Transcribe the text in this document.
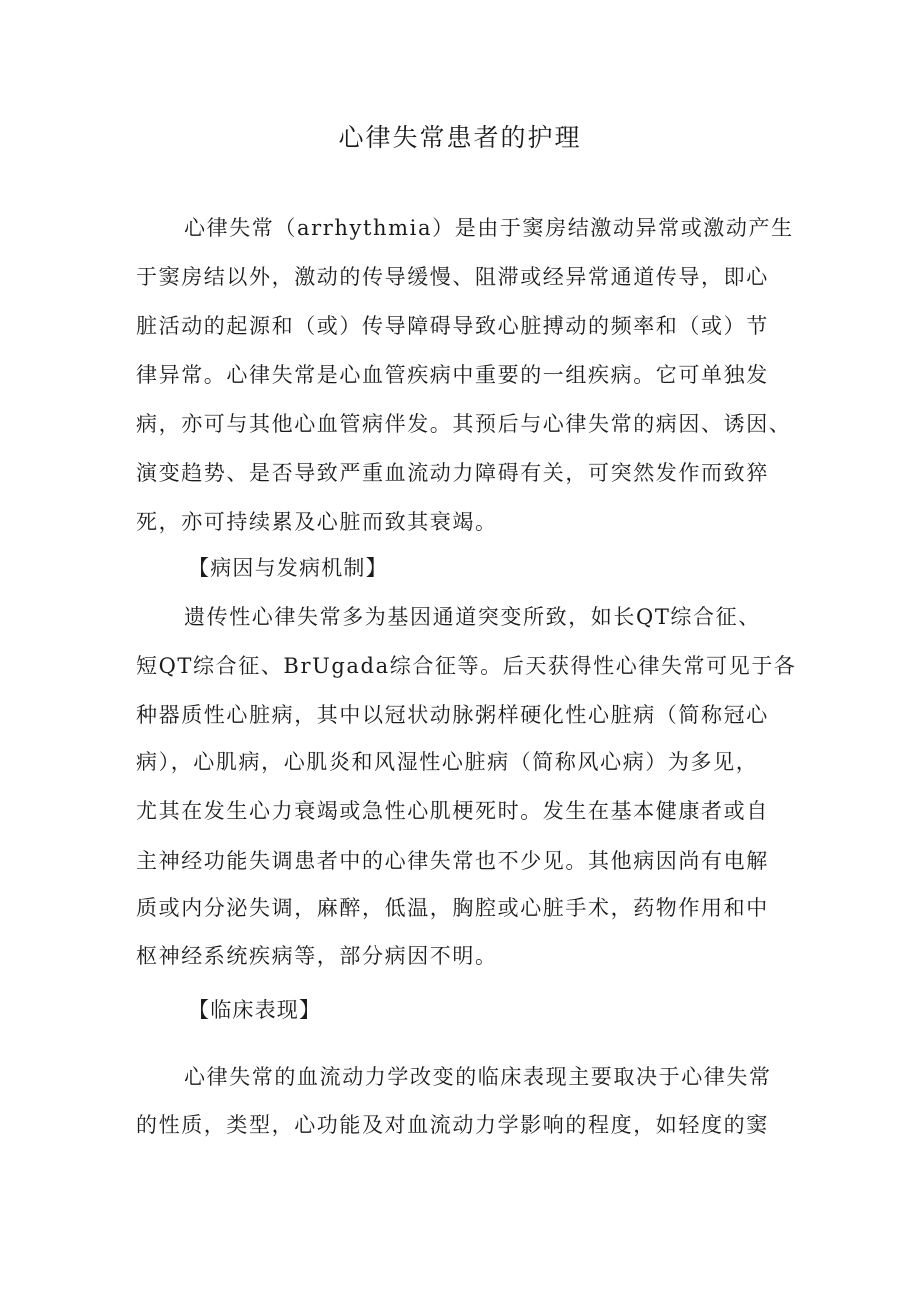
心律失常患者的护理
心律失常（arrhythmia）是由于窦房结激动异常或激动产生
于窦房结以外，激动的传导缓慢、阻滞或经异常通道传导，即心
脏活动的起源和（或）传导障碍导致心脏搏动的频率和（或）节
律异常。心律失常是心血管疾病中重要的一组疾病。它可单独发
病，亦可与其他心血管病伴发。其预后与心律失常的病因、诱因、
演变趋势、是否导致严重血流动力障碍有关，可突然发作而致猝
死，亦可持续累及心脏而致其衰竭。
【病因与发病机制】
遗传性心律失常多为基因通道突变所致，如长QT综合征、
短QT综合征、BrUgada综合征等。后天获得性心律失常可见于各
种器质性心脏病，其中以冠状动脉粥样硬化性心脏病（简称冠心
病），心肌病，心肌炎和风湿性心脏病（简称风心病）为多见，
尤其在发生心力衰竭或急性心肌梗死时。发生在基本健康者或自
主神经功能失调患者中的心律失常也不少见。其他病因尚有电解
质或内分泌失调，麻醉，低温，胸腔或心脏手术，药物作用和中
枢神经系统疾病等，部分病因不明。
【临床表现】
心律失常的血流动力学改变的临床表现主要取决于心律失常
的性质，类型，心功能及对血流动力学影响的程度，如轻度的窦
